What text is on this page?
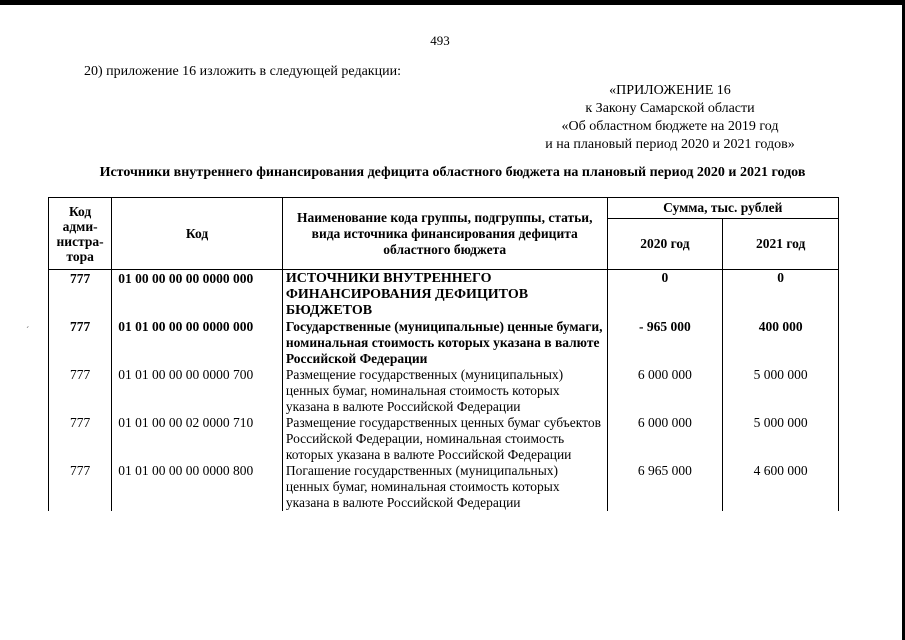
493
20) приложение 16 изложить в следующей редакции:
«ПРИЛОЖЕНИЕ 16
к Закону Самарской области
«Об областном бюджете на 2019 год
и на плановый период 2020 и 2021 годов»
Источники внутреннего финансирования дефицита областного бюджета на плановый период 2020 и 2021 годов
´
Код адми-нистра-тора	Код	Наименование кода группы, подгруппы, статьи, вида источника финансирования дефицита областного бюджета	Сумма, тыс. рублей	
			2020 год	2021 год
777	01 00 00 00 00 0000 000	ИСТОЧНИКИ ВНУТРЕННЕГО ФИНАНСИРОВАНИЯ ДЕФИЦИТОВ БЮДЖЕТОВ	0	0
777	01 01 00 00 00 0000 000	Государственные (муниципальные) ценные бумаги, номинальная стоимость которых указана в валюте Российской Федерации	- 965 000	400 000
777	01 01 00 00 00 0000 700	Размещение государственных (муниципальных) ценных бумаг, номинальная стоимость которых указана в валюте Российской Федерации	6 000 000	5 000 000
777	01 01 00 00 02 0000 710	Размещение государственных ценных бумаг субъектов Российской Федерации, номинальная стоимость которых указана в валюте Российской Федерации	6 000 000	5 000 000
777	01 01 00 00 00 0000 800	Погашение государственных (муниципальных) ценных бумаг, номинальная стоимость которых указана в валюте Российской Федерации	6 965 000	4 600 000
